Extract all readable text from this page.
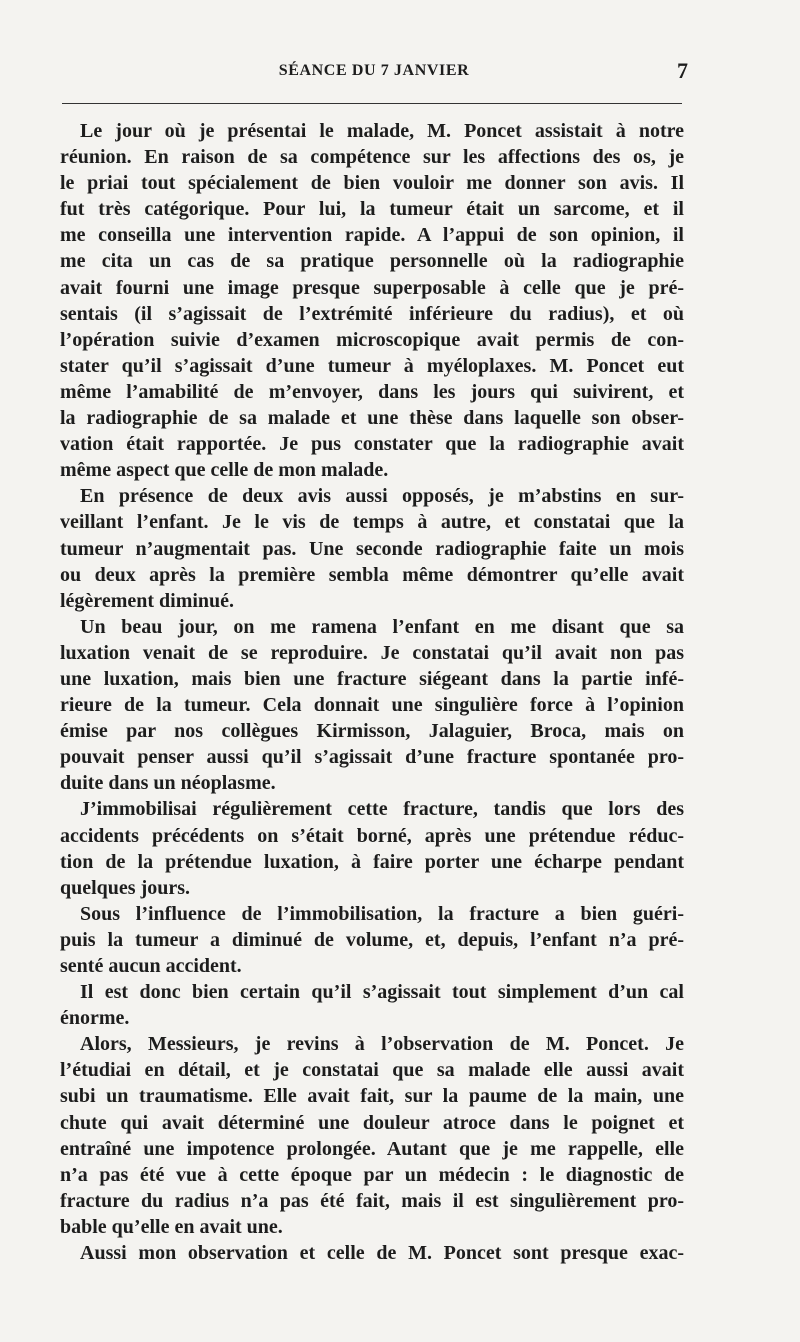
SÉANCE DU 7 JANVIER	7
Le jour où je présentai le malade, M. Poncet assistait à notre
réunion. En raison de sa compétence sur les affections des os, je
le priai tout spécialement de bien vouloir me donner son avis. Il
fut très catégorique. Pour lui, la tumeur était un sarcome, et il
me conseilla une intervention rapide. A l’appui de son opinion, il
me cita un cas de sa pratique personnelle où la radiographie
avait fourni une image presque superposable à celle que je pré-
sentais (il s’agissait de l’extrémité inférieure du radius), et où
l’opération suivie d’examen microscopique avait permis de con-
stater qu’il s’agissait d’une tumeur à myéloplaxes. M. Poncet eut
même l’amabilité de m’envoyer, dans les jours qui suivirent, et
la radiographie de sa malade et une thèse dans laquelle son obser-
vation était rapportée. Je pus constater que la radiographie avait
même aspect que celle de mon malade.
En présence de deux avis aussi opposés, je m’abstins en sur-
veillant l’enfant. Je le vis de temps à autre, et constatai que la
tumeur n’augmentait pas. Une seconde radiographie faite un mois
ou deux après la première sembla même démontrer qu’elle avait
légèrement diminué.
Un beau jour, on me ramena l’enfant en me disant que sa
luxation venait de se reproduire. Je constatai qu’il avait non pas
une luxation, mais bien une fracture siégeant dans la partie infé-
rieure de la tumeur. Cela donnait une singulière force à l’opinion
émise par nos collègues Kirmisson, Jalaguier, Broca, mais on
pouvait penser aussi qu’il s’agissait d’une fracture spontanée pro-
duite dans un néoplasme.
J’immobilisai régulièrement cette fracture, tandis que lors des
accidents précédents on s’était borné, après une prétendue réduc-
tion de la prétendue luxation, à faire porter une écharpe pendant
quelques jours.
Sous l’influence de l’immobilisation, la fracture a bien guéri-
puis la tumeur a diminué de volume, et, depuis, l’enfant n’a pré-
senté aucun accident.
Il est donc bien certain qu’il s’agissait tout simplement d’un cal
énorme.
Alors, Messieurs, je revins à l’observation de M. Poncet. Je
l’étudiai en détail, et je constatai que sa malade elle aussi avait
subi un traumatisme. Elle avait fait, sur la paume de la main, une
chute qui avait déterminé une douleur atroce dans le poignet et
entraîné une impotence prolongée. Autant que je me rappelle, elle
n’a pas été vue à cette époque par un médecin : le diagnostic de
fracture du radius n’a pas été fait, mais il est singulièrement pro-
bable qu’elle en avait une.
Aussi mon observation et celle de M. Poncet sont presque exac-
